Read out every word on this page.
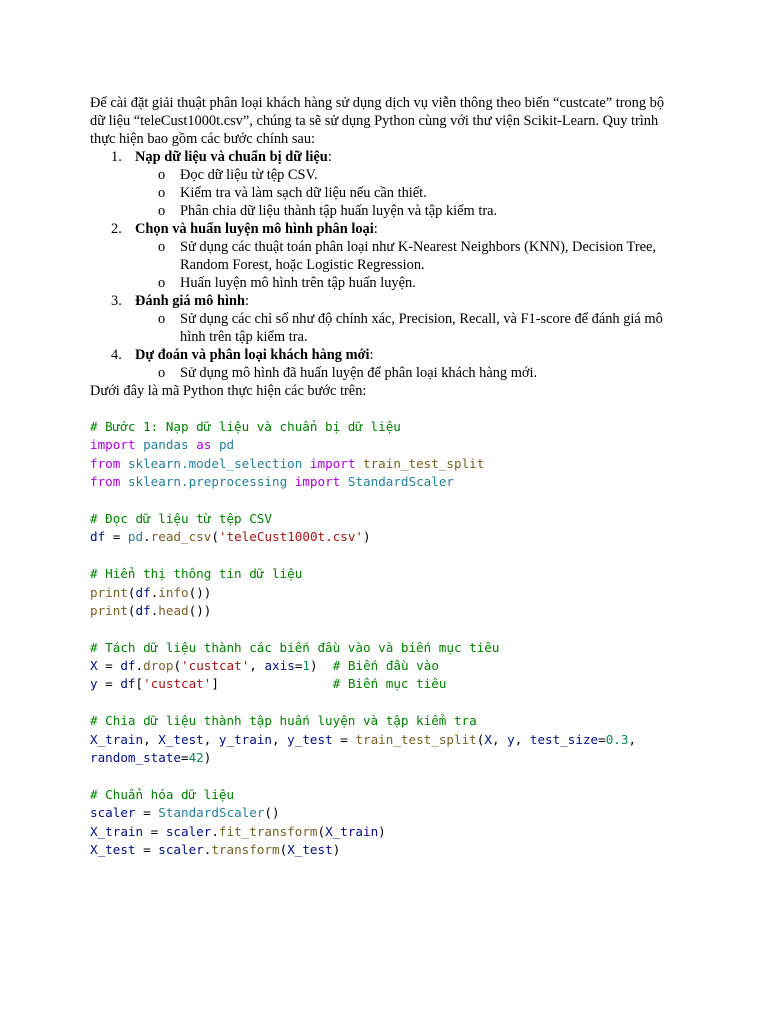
Để cài đặt giải thuật phân loại khách hàng sử dụng dịch vụ viễn thông theo biến “custcate” trong bộ dữ liệu “teleCust1000t.csv”, chúng ta sẽ sử dụng Python cùng với thư viện Scikit-Learn. Quy trình thực hiện bao gồm các bước chính sau:

1. Nạp dữ liệu và chuẩn bị dữ liệu:
o Đọc dữ liệu từ tệp CSV.
o Kiểm tra và làm sạch dữ liệu nếu cần thiết.
o Phân chia dữ liệu thành tập huấn luyện và tập kiểm tra.
2. Chọn và huấn luyện mô hình phân loại:
o Sử dụng các thuật toán phân loại như K-Nearest Neighbors (KNN), Decision Tree, Random Forest, hoặc Logistic Regression.
o Huấn luyện mô hình trên tập huấn luyện.
3. Đánh giá mô hình:
o Sử dụng các chỉ số như độ chính xác, Precision, Recall, và F1-score để đánh giá mô hình trên tập kiểm tra.
4. Dự đoán và phân loại khách hàng mới:
o Sử dụng mô hình đã huấn luyện để phân loại khách hàng mới.

Dưới đây là mã Python thực hiện các bước trên:

# Bước 1: Nạp dữ liệu và chuẩn bị dữ liệu
import pandas as pd
from sklearn.model_selection import train_test_split
from sklearn.preprocessing import StandardScaler

# Đọc dữ liệu từ tệp CSV
df = pd.read_csv('teleCust1000t.csv')

# Hiển thị thông tin dữ liệu
print(df.info())
print(df.head())

# Tách dữ liệu thành các biến đầu vào và biến mục tiêu
X = df.drop('custcat', axis=1)  # Biến đầu vào
y = df['custcat']               # Biến mục tiêu

# Chia dữ liệu thành tập huấn luyện và tập kiểm tra
X_train, X_test, y_train, y_test = train_test_split(X, y, test_size=0.3,
random_state=42)

# Chuẩn hóa dữ liệu
scaler = StandardScaler()
X_train = scaler.fit_transform(X_train)
X_test = scaler.transform(X_test)
